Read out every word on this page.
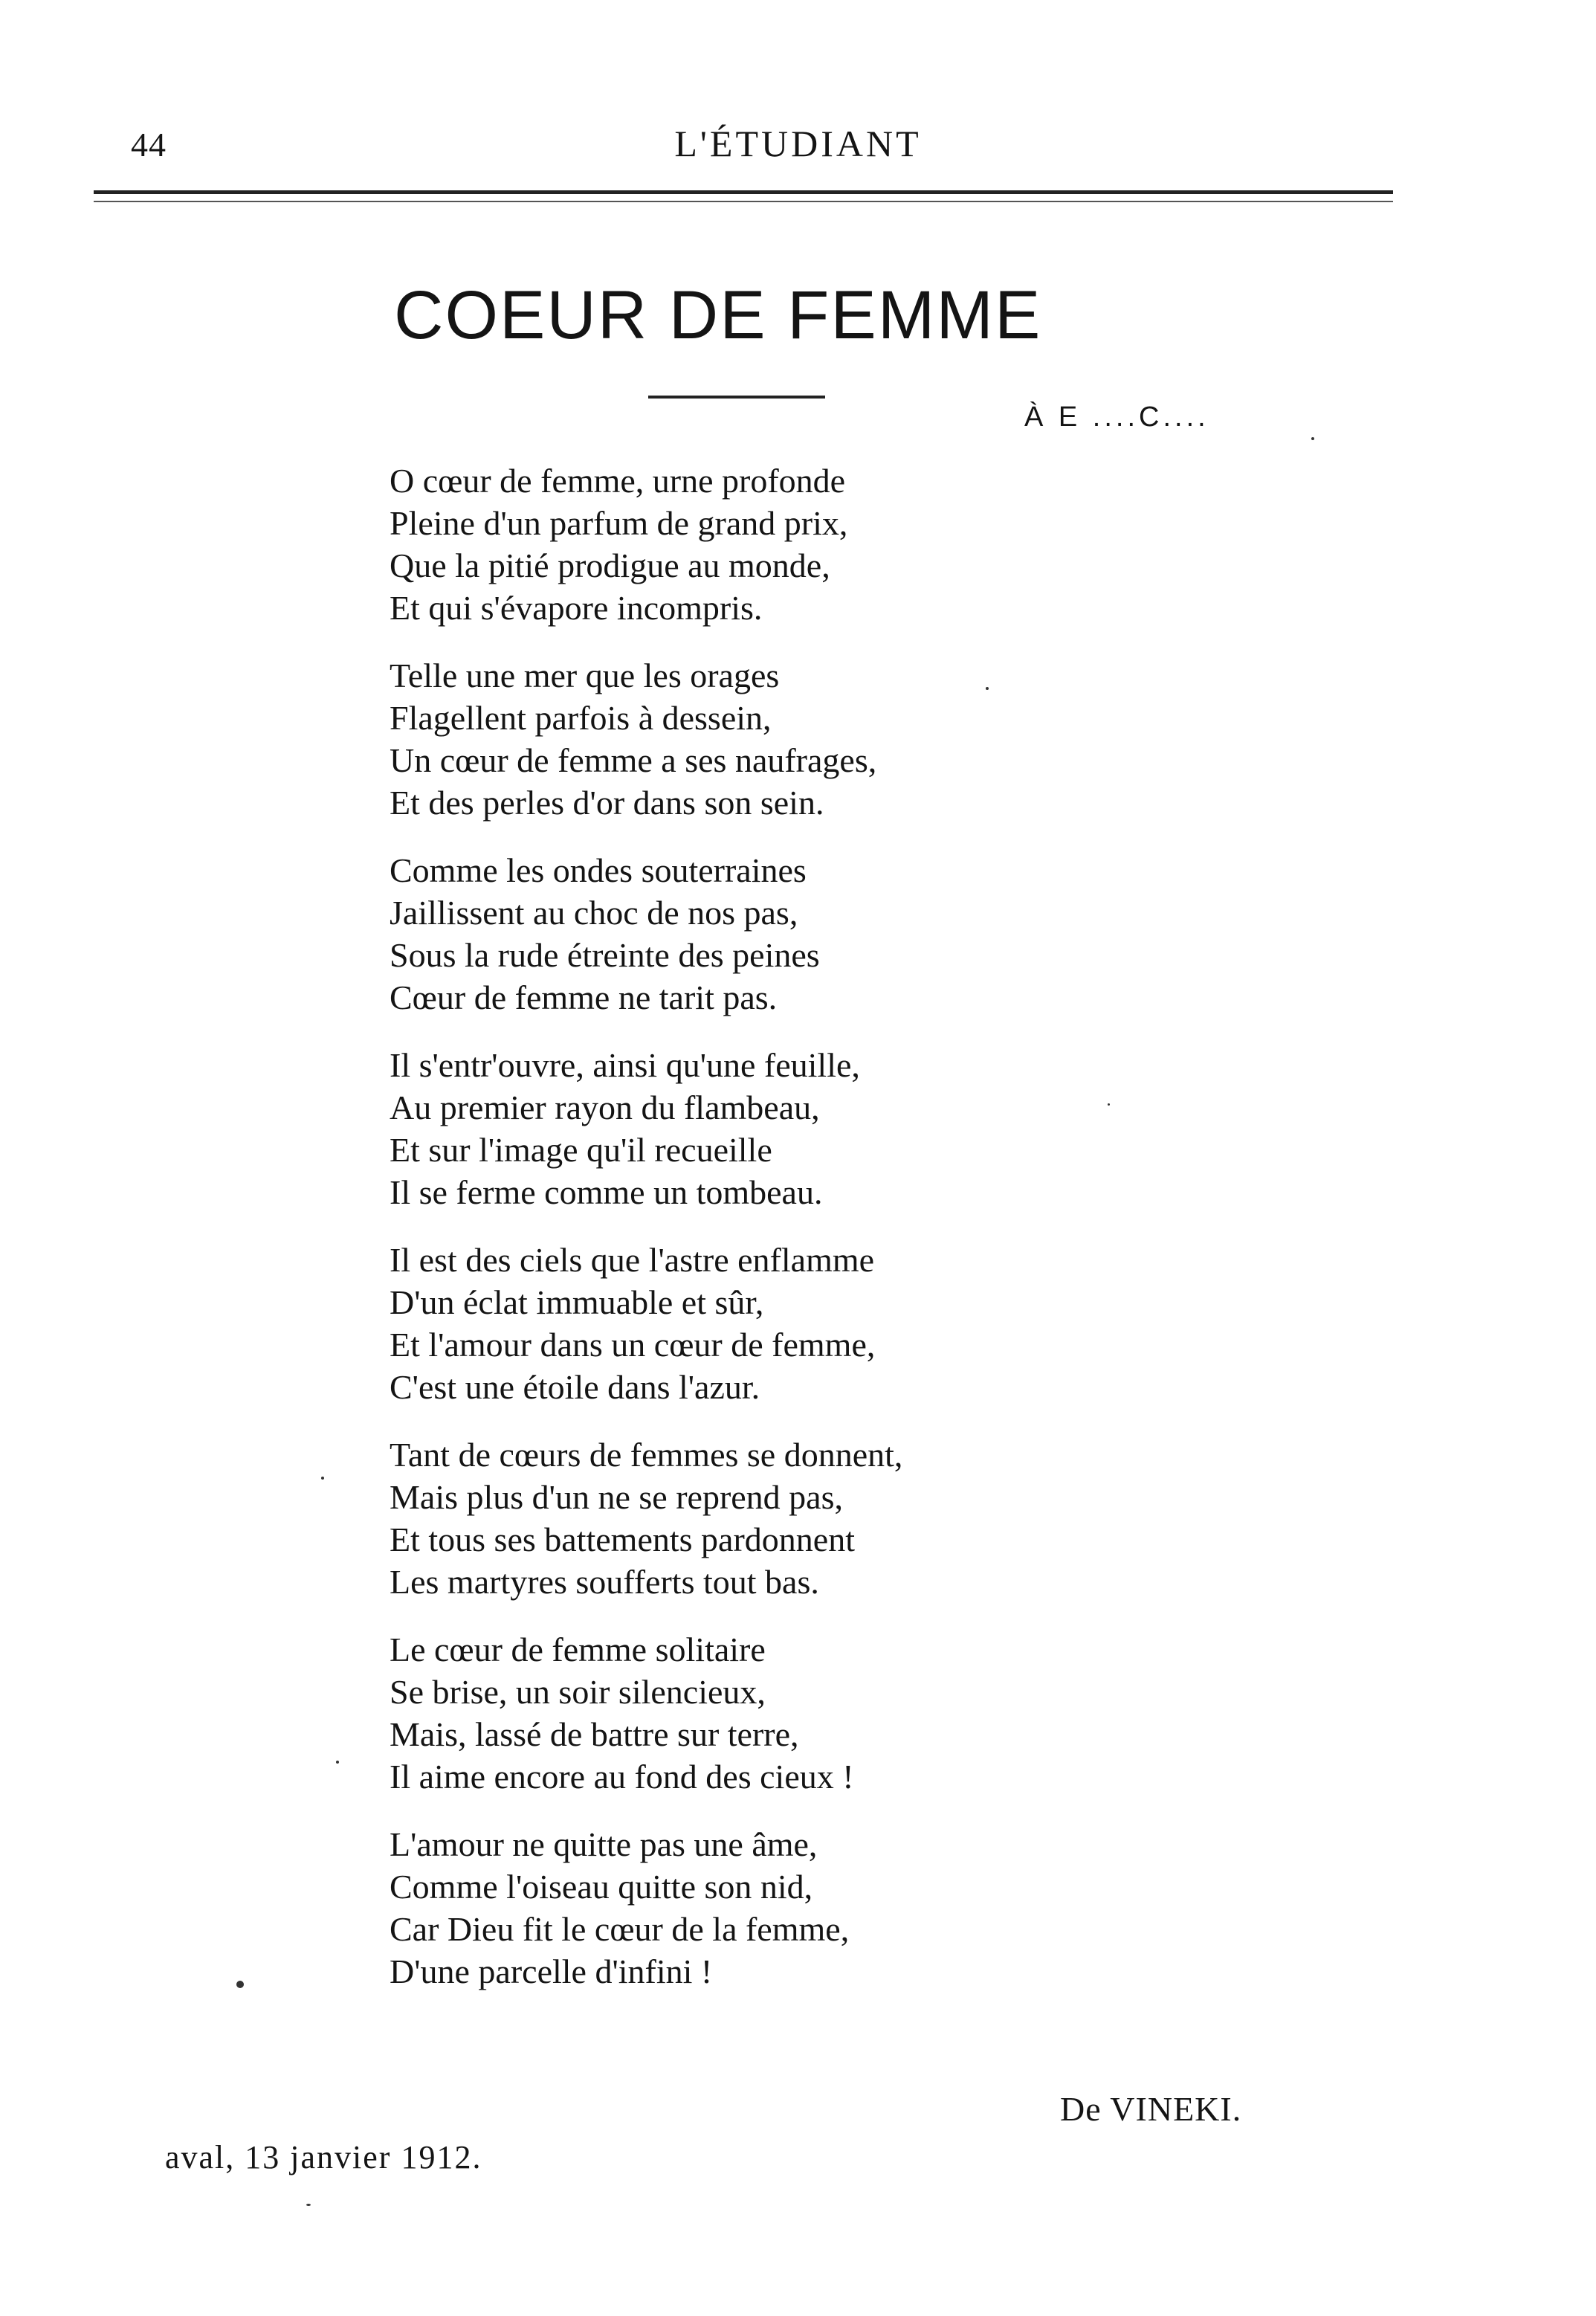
44	L'ÉTUDIANT
COEUR DE FEMME
À E ....C....
O cœur de femme, urne profonde
Pleine d'un parfum de grand prix,
Que la pitié prodigue au monde,
Et qui s'évapore incompris.
Telle une mer que les orages
Flagellent parfois à dessein,
Un cœur de femme a ses naufrages,
Et des perles d'or dans son sein.
Comme les ondes souterraines
Jaillissent au choc de nos pas,
Sous la rude étreinte des peines
Cœur de femme ne tarit pas.
Il s'entr'ouvre, ainsi qu'une feuille,
Au premier rayon du flambeau,
Et sur l'image qu'il recueille
Il se ferme comme un tombeau.
Il est des ciels que l'astre enflamme
D'un éclat immuable et sûr,
Et l'amour dans un cœur de femme,
C'est une étoile dans l'azur.
Tant de cœurs de femmes se donnent,
Mais plus d'un ne se reprend pas,
Et tous ses battements pardonnent
Les martyres soufferts tout bas.
Le cœur de femme solitaire
Se brise, un soir silencieux,
Mais, lassé de battre sur terre,
Il aime encore au fond des cieux !
L'amour ne quitte pas une âme,
Comme l'oiseau quitte son nid,
Car Dieu fit le cœur de la femme,
D'une parcelle d'infini !
De VINEKI.
aval, 13 janvier 1912.
